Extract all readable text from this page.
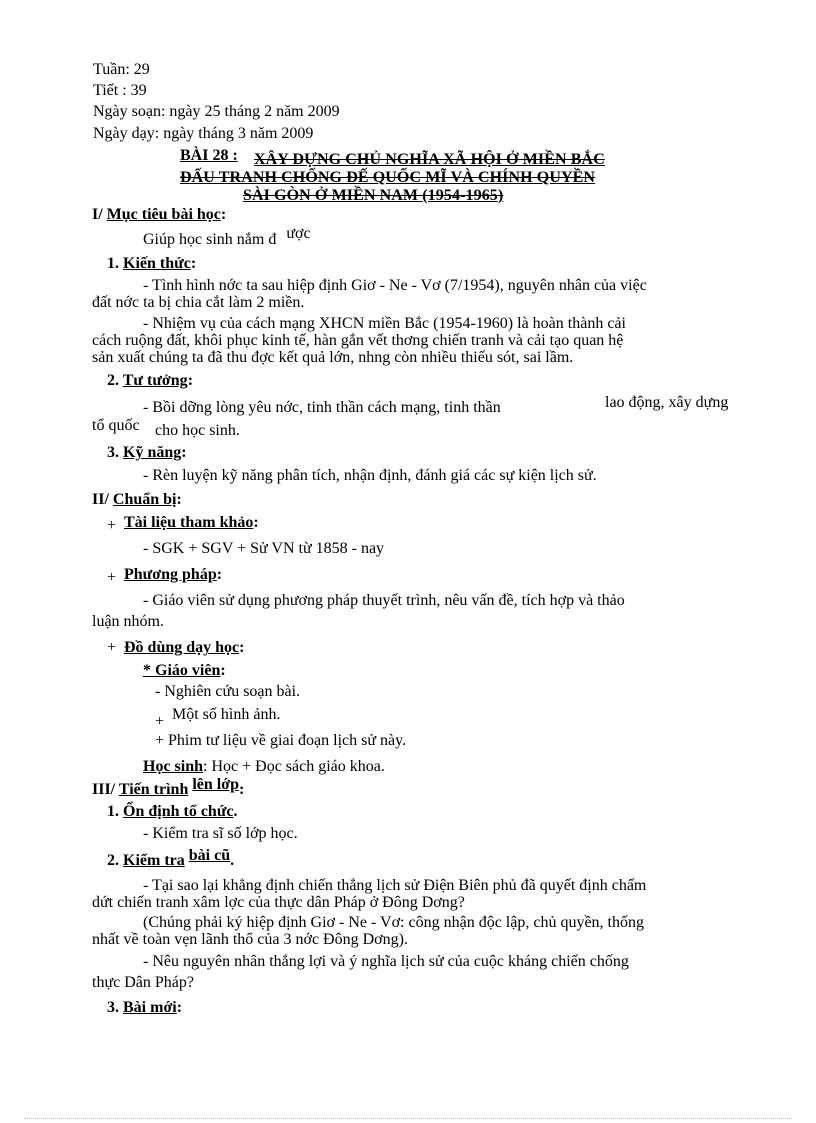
Tuần: 29
Tiết : 39
Ngày soạn: ngày 25 tháng 2 năm 2009
Ngày dạy: ngày tháng 3 năm 2009
BÀI 28 : XÂY DỰNG CHỦ NGHĨA XÃ HỘI Ở MIỀN BẮC
ĐẤU TRANH CHỐNG ĐẾ QUỐC MĨ VÀ CHÍNH QUYỀN
SÀI GÒN Ở MIỀN NAM (1954-1965)
I/ Mục tiêu bài học:
Giúp học sinh nắm đ ược
1. Kiến thức:
- Tình hình nớc ta sau hiệp định Giơ - Ne - Vơ (7/1954), nguyên nhân của việc
đất nớc ta bị chia cắt làm 2 miền.
- Nhiệm vụ của cách mạng XHCN miền Bắc (1954-1960) là hoàn thành cải
cách ruộng đất, khôi phục kinh tế, hàn gắn vết thơng chiến tranh và cải tạo quan hệ
sản xuất chúng ta đã thu đợc kết quả lớn, nhng còn nhiều thiếu sót, sai lầm.
2. Tư tưởng:
- Bồi dỡng lòng yêu nớc, tinh thần cách mạng, tinh thần	lao động, xây dựng
tổ quốc cho học sinh.
3. Kỹ năng:
- Rèn luyện kỹ năng phân tích, nhận định, đánh giá các sự kiện lịch sử.
II/ Chuẩn bị:
+ Tài liệu tham khảo:
- SGK + SGV + Sử VN từ 1858 - nay
+ Phương pháp:
- Giáo viên sử dụng phương pháp thuyết trình, nêu vấn đề, tích hợp và thảo
luận nhóm.
+ Đồ dùng dạy học:
* Giáo viên:
- Nghiên cứu soạn bài.
+ Một số hình ảnh.
+ Phim tư liệu về giai đoạn lịch sử này.
Học sinh: Học + Đọc sách giáo khoa.
III/ Tiến trình lên lớp:
1. Ổn định tổ chức.
- Kiểm tra sĩ số lớp học.
2. Kiểm tra bài cũ.
- Tại sao lại khẳng định chiến thắng lịch sử Điện Biên phủ đã quyết định chấm
dứt chiến tranh xâm lợc của thực dân Pháp ở Đông Dơng?
(Chúng phải ký hiệp định Giơ - Ne - Vơ: công nhận độc lập, chủ quyền, thống
nhất về toàn vẹn lãnh thổ của 3 nớc Đông Dơng).
- Nêu nguyên nhân thắng lợi và ý nghĩa lịch sử của cuộc kháng chiến chống
thực Dân Pháp?
3. Bài mới:
